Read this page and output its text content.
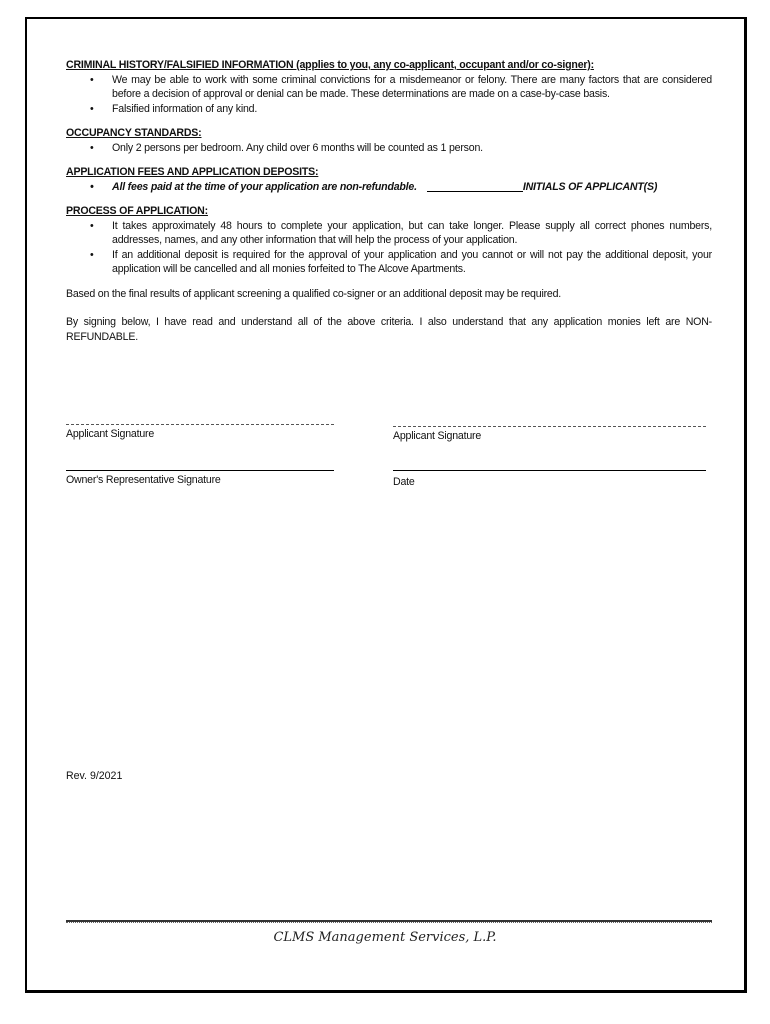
CRIMINAL HISTORY/FALSIFIED INFORMATION (applies to you, any co-applicant, occupant and/or co-signer):

• We may be able to work with some criminal convictions for a misdemeanor or felony. There are many factors that are considered before a decision of approval or denial can be made. These determinations are made on a case-by-case basis.
• Falsified information of any kind.

OCCUPANCY STANDARDS:

• Only 2 persons per bedroom. Any child over 6 months will be counted as 1 person.

APPLICATION FEES AND APPLICATION DEPOSITS:

• All fees paid at the time of your application are non-refundable.	INITIALS OF APPLICANT(S)

PROCESS OF APPLICATION:

• It takes approximately 48 hours to complete your application, but can take longer. Please supply all correct phones numbers, addresses, names, and any other information that will help the process of your application.
• If an additional deposit is required for the approval of your application and you cannot or will not pay the additional deposit, your application will be cancelled and all monies forfeited to The Alcove Apartments.

Based on the final results of applicant screening a qualified co-signer or an additional deposit may be required.

By signing below, I have read and understand all of the above criteria. I also understand that any application monies left are NON-REFUNDABLE.

Applicant Signature	Applicant Signature
Owner's Representative Signature	Date
Rev. 9/2021
CLMS Management Services, L.P.
